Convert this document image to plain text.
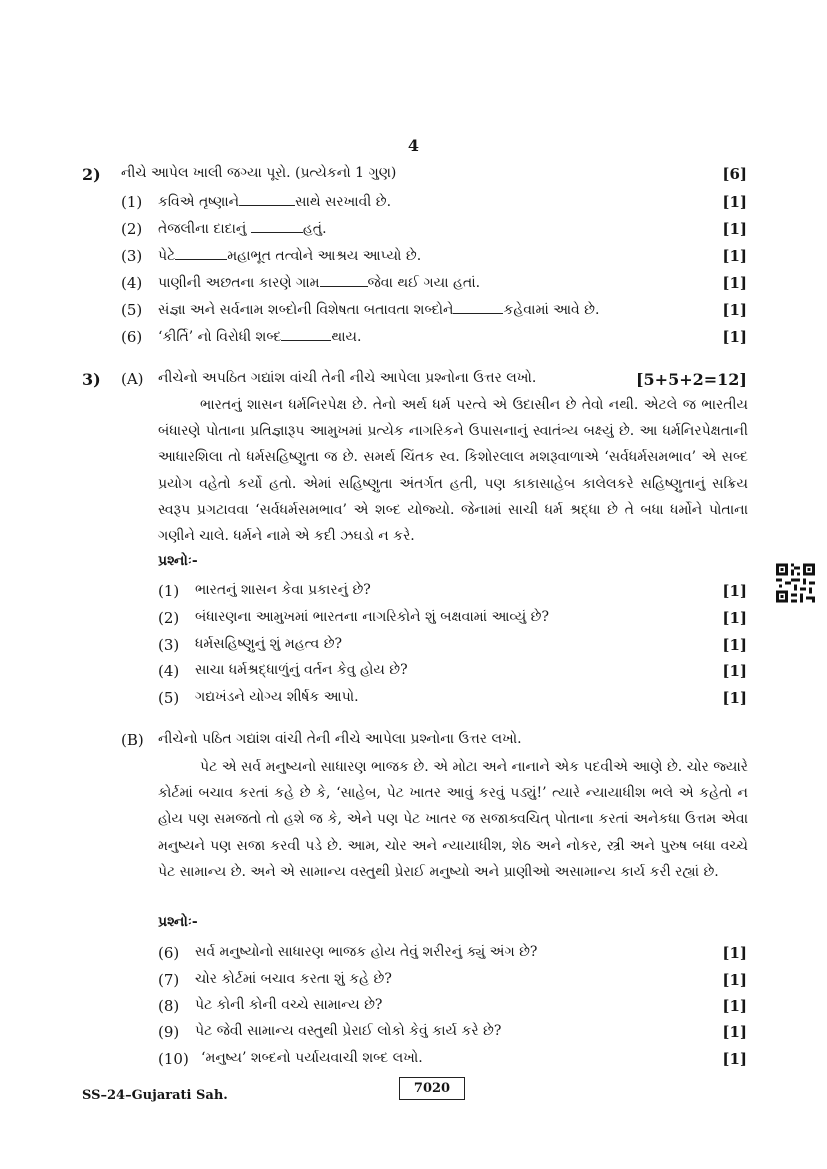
4
2) નીચે આપેલ ખાલી જગ્યા પૂરો. (પ્રત્યેકનો 1 ગુણ)	[6]
(1) કવિએ તૃષ્ણાને	સાથે સરખાવી છે.	[1]
(2) તેજલીના દાદાનું	હતું.	[1]
(3) પેટે	મહાભૂત તત્વોને આશ્રય આપ્યો છે.	[1]
(4) પાણીની અછતના કારણે ગામ	જેવા થઈ ગયા હતાં.	[1]
(5) સંજ્ઞા અને સર્વનામ શબ્દોની વિશેષતા બતાવતા શબ્દોને	કહેવામાં આવે છે.	[1]
(6) ‘કીર્તિ’ નો વિરોધી શબ્દ	થાય.	[1]
3) (A) નીચેનો અપઠિત ગદ્યાંશ વાંચી તેની નીચે આપેલા પ્રશ્નોના ઉત્તર લખો.	[5+5+2=12]
ભારતનું શાસન ધર્મનિરપેક્ષ છે. તેનો અર્થ ધર્મ પરત્વે એ ઉદાસીન છે તેવો નથી. એટલે જ ભારતીય બંધારણે પોતાના પ્રતિજ્ઞારૂપ આમુખમાં પ્રત્યેક નાગરિકને ઉપાસનાનું સ્વાતંત્ર્ય બક્ષ્યું છે. આ ધર્મનિરપેક્ષતાની આધારશિલા તો ધર્મસહિષ્ણુતા જ છે. સમર્થ ચિંતક સ્વ. કિશોરલાલ મશરૂવાળાએ ‘સર્વધર્મસમભાવ’ એ સબ્દ પ્રયોગ વહેતો કર્યો હતો. એમાં સહિષ્ણુતા અંતર્ગત હતી, પણ કાકાસાહેબ કાલેલકરે સહિષ્ણુતાનું સક્રિય સ્વરૂપ પ્રગટાવવા ‘સર્વધર્મસમભાવ’ એ શબ્દ યોજ્યો. જેનામાં સાચી ધર્મ શ્રદ્ધા છે તે બધા ધર્મોને પોતાના ગણીને ચાલે. ધર્મને નામે એ કદી ઝઘડો ન કરે.
પ્રશ્નોઃ-
(1) ભારતનું શાસન કેવા પ્રકારનું છે?	[1]
(2) બંધારણના આમુખમાં ભારતના નાગરિકોને શું બક્ષવામાં આવ્યું છે?	[1]
(3) ધર્મસહિષ્ણુનું શું મહત્વ છે?	[1]
(4) સાચા ધર્મશ્રદ્ધાળુંનું વર્તન કેવુ હોય છે?	[1]
(5) ગદ્યખંડને યોગ્ય શીર્ષક આપો.	[1]
(B) નીચેનો પઠિત ગદ્યાંશ વાંચી તેની નીચે આપેલા પ્રશ્નોના ઉત્તર લખો.
પેટ એ સર્વ મનુષ્યનો સાધારણ ભાજક છે. એ મોટા અને નાનાને એક પદવીએ આણે છે. ચોર જ્યારે કોર્ટમાં બચાવ કરતાં કહે છે કે, ‘સાહેબ, પેટ ખાતર આવું કરવું પડ્યું!’ ત્યારે ન્યાયાધીશ ભલે એ કહેતો ન હોય પણ સમજતો તો હશે જ કે, એને પણ પેટ ખાતર જ સજાક્વચિત્ પોતાના કરતાં અનેકધા ઉત્તમ એવા મનુષ્યને પણ સજા કરવી પડે છે. આમ, ચોર અને ન્યાયાધીશ, શેઠ અને નોકર, સ્ત્રી અને પુરુષ બધા વચ્ચે પેટ સામાન્ય છે. અને એ સામાન્ય વસ્તુથી પ્રેરાઈ મનુષ્યો અને પ્રાણીઓ અસામાન્ય કાર્ય કરી રહ્યાં છે.
પ્રશ્નોઃ-
(6) સર્વ મનુષ્યોનો સાધારણ ભાજક હોય તેવું શરીરનું ક્યું અંગ છે?	[1]
(7) ચોર કોર્ટમાં બચાવ કરતા શું કહે છે?	[1]
(8) પેટ કોની કોની વચ્ચે સામાન્ય છે?	[1]
(9) પેટ જેવી સામાન્ય વસ્તુથી પ્રેરાઈ લોકો કેવું કાર્ય કરે છે?	[1]
(10) ‘મનુષ્ય’ શબ્દનો પર્યાયવાચી શબ્દ લખો.	[1]
SS–24–Gujarati Sah.	7020
